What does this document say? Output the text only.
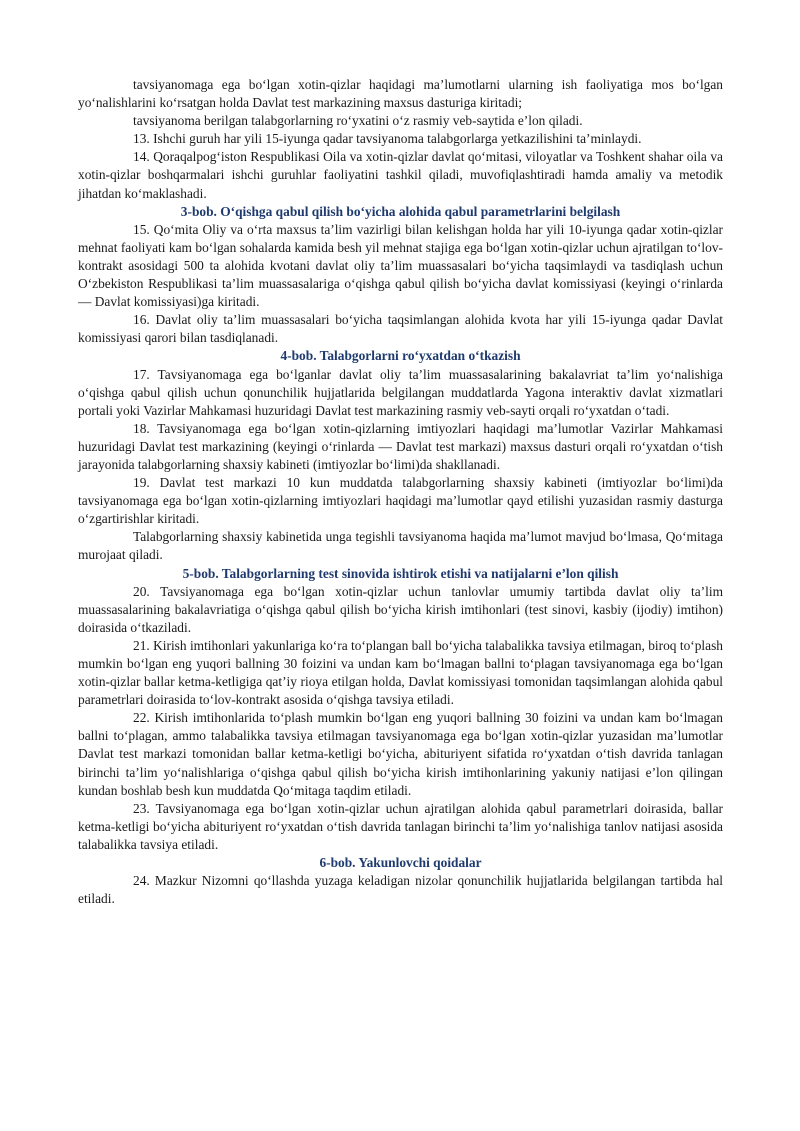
tavsiyanomaga ega boʻlgan xotin-qizlar haqidagi maʼlumotlarni ularning ish faoliyatiga mos boʻlgan yoʻnalishlarini koʻrsatgan holda Davlat test markazining maxsus dasturiga kiritadi;

tavsiyanoma berilgan talabgorlarning roʻyxatini oʻz rasmiy veb-saytida eʼlon qiladi.

13. Ishchi guruh har yili 15-iyunga qadar tavsiyanoma talabgorlarga yetkazilishini taʼminlaydi.

14. Qoraqalpogʻiston Respublikasi Oila va xotin-qizlar davlat qoʻmitasi, viloyatlar va Toshkent shahar oila va xotin-qizlar boshqarmalari ishchi guruhlar faoliyatini tashkil qiladi, muvofiqlashtiradi hamda amaliy va metodik jihatdan koʻmaklashadi.

3-bob. Oʻqishga qabul qilish boʻyicha alohida qabul parametrlarini belgilash

15. Qoʻmita Oliy va oʻrta maxsus taʼlim vazirligi bilan kelishgan holda har yili 10-iyunga qadar xotin-qizlar mehnat faoliyati kam boʻlgan sohalarda kamida besh yil mehnat stajiga ega boʻlgan xotin-qizlar uchun ajratilgan toʻlov-kontrakt asosidagi 500 ta alohida kvotani davlat oliy taʼlim muassasalari boʻyicha taqsimlaydi va tasdiqlash uchun Oʻzbekiston Respublikasi taʼlim muassasalariga oʻqishga qabul qilish boʻyicha davlat komissiyasi (keyingi oʻrinlarda — Davlat komissiyasi)ga kiritadi.

16. Davlat oliy taʼlim muassasalari boʻyicha taqsimlangan alohida kvota har yili 15-iyunga qadar Davlat komissiyasi qarori bilan tasdiqlanadi.

4-bob. Talabgorlarni roʻyxatdan oʻtkazish

17. Tavsiyanomaga ega boʻlganlar davlat oliy taʼlim muassasalarining bakalavriat taʼlim yoʻnalishiga oʻqishga qabul qilish uchun qonunchilik hujjatlarida belgilangan muddatlarda Yagona interaktiv davlat xizmatlari portali yoki Vazirlar Mahkamasi huzuridagi Davlat test markazining rasmiy veb-sayti orqali roʻyxatdan oʻtadi.

18. Tavsiyanomaga ega boʻlgan xotin-qizlarning imtiyozlari haqidagi maʼlumotlar Vazirlar Mahkamasi huzuridagi Davlat test markazining (keyingi oʻrinlarda — Davlat test markazi) maxsus dasturi orqali roʻyxatdan oʻtish jarayonida talabgorlarning shaxsiy kabineti (imtiyozlar boʻlimi)da shakllanadi.

19. Davlat test markazi 10 kun muddatda talabgorlarning shaxsiy kabineti (imtiyozlar boʻlimi)da tavsiyanomaga ega boʻlgan xotin-qizlarning imtiyozlari haqidagi maʼlumotlar qayd etilishi yuzasidan rasmiy dasturga oʻzgartirishlar kiritadi.

Talabgorlarning shaxsiy kabinetida unga tegishli tavsiyanoma haqida maʼlumot mavjud boʻlmasa, Qoʻmitaga murojaat qiladi.

5-bob. Talabgorlarning test sinovida ishtirok etishi va natijalarni eʼlon qilish

20. Tavsiyanomaga ega boʻlgan xotin-qizlar uchun tanlovlar umumiy tartibda davlat oliy taʼlim muassasalarining bakalavriatiga oʻqishga qabul qilish boʻyicha kirish imtihonlari (test sinovi, kasbiy (ijodiy) imtihon) doirasida oʻtkaziladi.

21. Kirish imtihonlari yakunlariga koʻra toʻplangan ball boʻyicha talabalikka tavsiya etilmagan, biroq toʻplash mumkin boʻlgan eng yuqori ballning 30 foizini va undan kam boʻlmagan ballni toʻplagan tavsiyanomaga ega boʻlgan xotin-qizlar ballar ketma-ketligiga qatʼiy rioya etilgan holda, Davlat komissiyasi tomonidan taqsimlangan alohida qabul parametrlari doirasida toʻlov-kontrakt asosida oʻqishga tavsiya etiladi.

22. Kirish imtihonlarida toʻplash mumkin boʻlgan eng yuqori ballning 30 foizini va undan kam boʻlmagan ballni toʻplagan, ammo talabalikka tavsiya etilmagan tavsiyanomaga ega boʻlgan xotin-qizlar yuzasidan maʼlumotlar Davlat test markazi tomonidan ballar ketma-ketligi boʻyicha, abituriyent sifatida roʻyxatdan oʻtish davrida tanlagan birinchi taʼlim yoʻnalishlariga oʻqishga qabul qilish boʻyicha kirish imtihonlarining yakuniy natijasi eʼlon qilingan kundan boshlab besh kun muddatda Qoʻmitaga taqdim etiladi.

23. Tavsiyanomaga ega boʻlgan xotin-qizlar uchun ajratilgan alohida qabul parametrlari doirasida, ballar ketma-ketligi boʻyicha abituriyent roʻyxatdan oʻtish davrida tanlagan birinchi taʼlim yoʻnalishiga tanlov natijasi asosida talabalikka tavsiya etiladi.

6-bob. Yakunlovchi qoidalar

24. Mazkur Nizomni qoʻllashda yuzaga keladigan nizolar qonunchilik hujjatlarida belgilangan tartibda hal etiladi.
